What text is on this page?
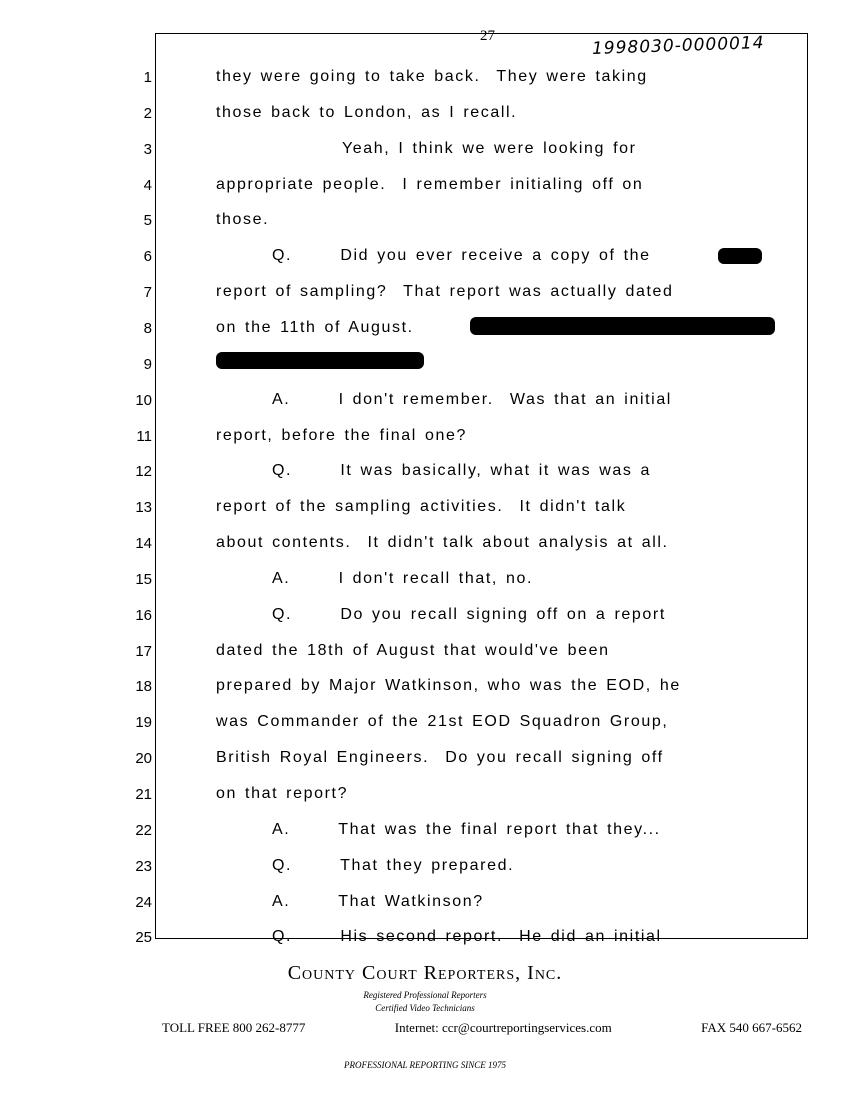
27	1998030-0000014
1	they were going to take back.  They were taking
2	those back to London, as I recall.
3	Yeah, I think we were looking for
4	appropriate people.  I remember initialing off on
5	those.
6	Q.      Did you ever receive a copy of the
7	report of sampling?  That report was actually dated
8	on the 11th of August.
9
10	A.      I don't remember.  Was that an initial
11	report, before the final one?
12	Q.      It was basically, what it was was a
13	report of the sampling activities.  It didn't talk
14	about contents.  It didn't talk about analysis at all.
15	A.      I don't recall that, no.
16	Q.      Do you recall signing off on a report
17	dated the 18th of August that would've been
18	prepared by Major Watkinson, who was the EOD, he
19	was Commander of the 21st EOD Squadron Group,
20	British Royal Engineers.  Do you recall signing off
21	on that report?
22	A.      That was the final report that they...
23	Q.      That they prepared.
24	A.      That Watkinson?
25	Q.      His second report.  He did an initial
County Court Reporters, Inc.
Registered Professional Reporters
Certified Video Technicians
TOLL FREE 800 262-8777	Internet: ccr@courtreportingservices.com	FAX 540 667-6562
PROFESSIONAL REPORTING SINCE 1975
